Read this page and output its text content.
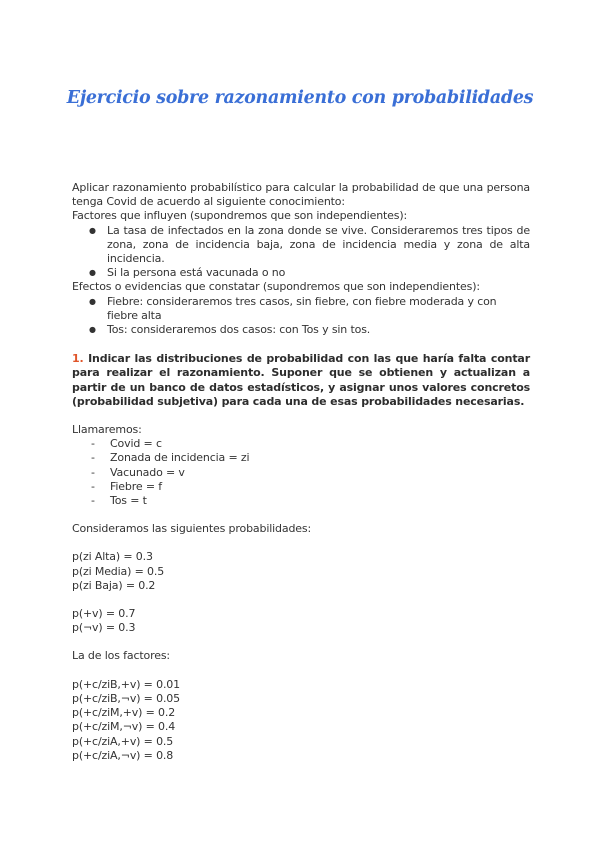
Ejercicio sobre razonamiento con probabilidades

Aplicar razonamiento probabilístico para calcular la probabilidad de que una persona tenga Covid de acuerdo al siguiente conocimiento:

Factores que influyen (supondremos que son independientes):

● La tasa de infectados en la zona donde se vive. Consideraremos tres tipos de zona, zona de incidencia baja, zona de incidencia media y zona de alta incidencia.
● Si la persona está vacunada o no

Efectos o evidencias que constatar (supondremos que son independientes):

● Fiebre: consideraremos tres casos, sin fiebre, con fiebre moderada y con fiebre alta
● Tos: consideraremos dos casos: con Tos y sin tos.

1. Indicar las distribuciones de probabilidad con las que haría falta contar para realizar el razonamiento. Suponer que se obtienen y actualizan a partir de un banco de datos estadísticos, y asignar unos valores concretos (probabilidad subjetiva) para cada una de esas probabilidades necesarias.

Llamaremos:

- Covid = c
- Zonada de incidencia = zi
- Vacunado = v
- Fiebre = f
- Tos = t

Consideramos las siguientes probabilidades:

p(zi Alta) = 0.3

p(zi Media) = 0.5

p(zi Baja) = 0.2

p(+v) = 0.7

p(¬v) = 0.3

La de los factores:

p(+c/ziB,+v) = 0.01

p(+c/ziB,¬v) = 0.05

p(+c/ziM,+v) = 0.2

p(+c/ziM,¬v) = 0.4

p(+c/ziA,+v) = 0.5

p(+c/ziA,¬v) = 0.8
